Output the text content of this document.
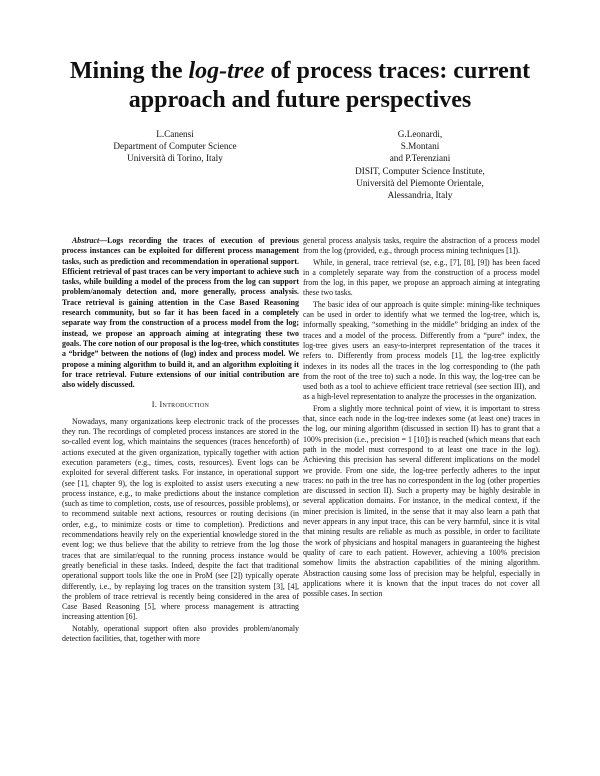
Mining the log-tree of process traces: current approach and future perspectives
L.Canensi
Department of Computer Science
Università di Torino, Italy
G.Leonardi,
S.Montani
and P.Terenziani
DISIT, Computer Science Institute,
Università del Piemonte Orientale,
Alessandria, Italy

Abstract—Logs recording the traces of execution of previous process instances can be exploited for different process management tasks, such as prediction and recommendation in operational support. Efficient retrieval of past traces can be very important to achieve such tasks, while building a model of the process from the log can support problem/anomaly detection and, more generally, process analysis. Trace retrieval is gaining attention in the Case Based Reasoning research community, but so far it has been faced in a completely separate way from the construction of a process model from the log; instead, we propose an approach aiming at integrating these two goals. The core notion of our proposal is the log-tree, which constitutes a “bridge” between the notions of (log) index and process model. We propose a mining algorithm to build it, and an algorithm exploiting it for trace retrieval. Future extensions of our initial contribution are also widely discussed.

I. Introduction

Nowadays, many organizations keep electronic track of the processes they run. The recordings of completed process instances are stored in the so-called event log, which maintains the sequences (traces henceforth) of actions executed at the given organization, typically together with action execution parameters (e.g., times, costs, resources). Event logs can be exploited for several different tasks. For instance, in operational support (see [1], chapter 9), the log is exploited to assist users executing a new process instance, e.g., to make predictions about the instance completion (such as time to completion, costs, use of resources, possible problems), or to recommend suitable next actions, resources or routing decisions (in order, e.g., to minimize costs or time to completion). Predictions and recommendations heavily rely on the experiential knowledge stored in the event log; we thus believe that the ability to retrieve from the log those traces that are similar/equal to the running process instance would be greatly beneficial in these tasks. Indeed, despite the fact that traditional operational support tools like the one in ProM (see [2]) typically operate differently, i.e., by replaying log traces on the transition system [3], [4], the problem of trace retrieval is recently being considered in the area of Case Based Reasoning [5], where process management is attracting increasing attention [6].

Notably, operational support often also provides problem/anomaly detection facilities, that, together with more

general process analysis tasks, require the abstraction of a process model from the log (provided, e.g., through process mining techniques [1]).

While, in general, trace retrieval (se, e.g., [7], [8], [9]) has been faced in a completely separate way from the construction of a process model from the log, in this paper, we propose an approach aiming at integrating these two tasks.

The basic idea of our approach is quite simple: mining-like techniques can be used in order to identify what we termed the log-tree, which is, informally speaking, “something in the middle” bridging an index of the traces and a model of the process. Differently from a “pure” index, the log-tree gives users an easy-to-interpret representation of the traces it refers to. Differently from process models [1], the log-tree explicitly indexes in its nodes all the traces in the log corresponding to (the path from the root of the tree to) such a node. In this way, the log-tree can be used both as a tool to achieve efficient trace retrieval (see section III), and as a high-level representation to analyze the processes in the organization.

From a slightly more technical point of view, it is important to stress that, since each node in the log-tree indexes some (at least one) traces in the log, our mining algorithm (discussed in section II) has to grant that a 100% precision (i.e., precision = 1 [10]) is reached (which means that each path in the model must correspond to at least one trace in the log). Achieving this precision has several different implications on the model we provide. From one side, the log-tree perfectly adheres to the input traces: no path in the tree has no correspondent in the log (other properties are discussed in section II). Such a property may be highly desirable in several application domains. For instance, in the medical context, if the miner precision is limited, in the sense that it may also learn a path that never appears in any input trace, this can be very harmful, since it is vital that mining results are reliable as much as possible, in order to facilitate the work of physicians and hospital managers in guaranteeing the highest quality of care to each patient. However, achieving a 100% precision somehow limits the abstraction capabilities of the mining algorithm. Abstraction causing some loss of precision may be helpful, especially in applications where it is known that the input traces do not cover all possible cases. In section
